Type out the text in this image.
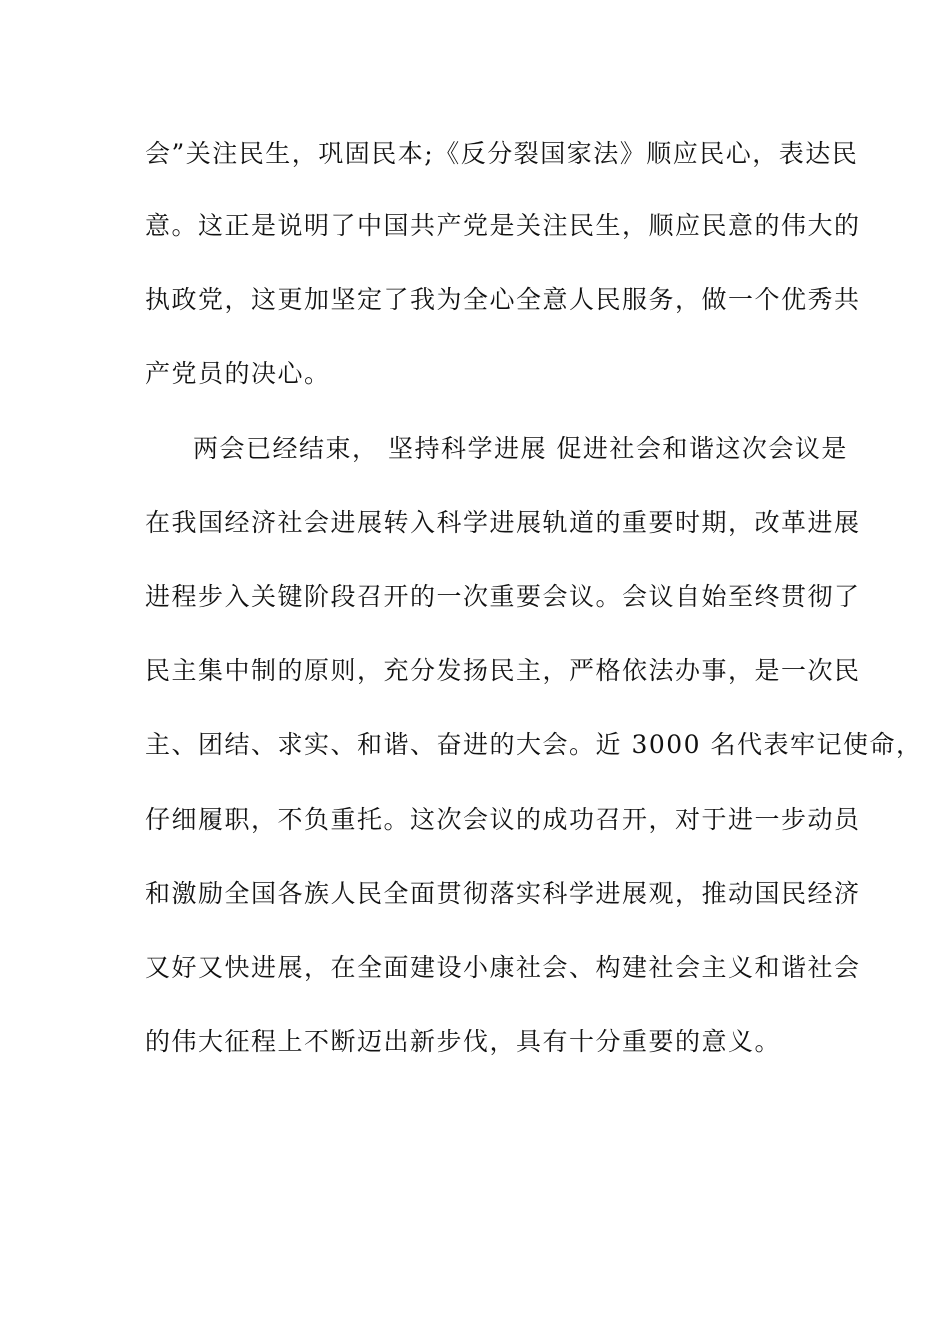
会”关注民生，巩固民本;《反分裂国家法》顺应民心，表达民
意。这正是说明了中国共产党是关注民生，顺应民意的伟大的
执政党，这更加坚定了我为全心全意人民服务，做一个优秀共
产党员的决心。
两会已经结束， 坚持科学进展 促进社会和谐这次会议是
在我国经济社会进展转入科学进展轨道的重要时期，改革进展
进程步入关键阶段召开的一次重要会议。会议自始至终贯彻了
民主集中制的原则，充分发扬民主，严格依法办事，是一次民
主、团结、求实、和谐、奋进的大会。近 3000 名代表牢记使命，
仔细履职，不负重托。这次会议的成功召开，对于进一步动员
和激励全国各族人民全面贯彻落实科学进展观，推动国民经济
又好又快进展，在全面建设小康社会、构建社会主义和谐社会
的伟大征程上不断迈出新步伐，具有十分重要的意义。
